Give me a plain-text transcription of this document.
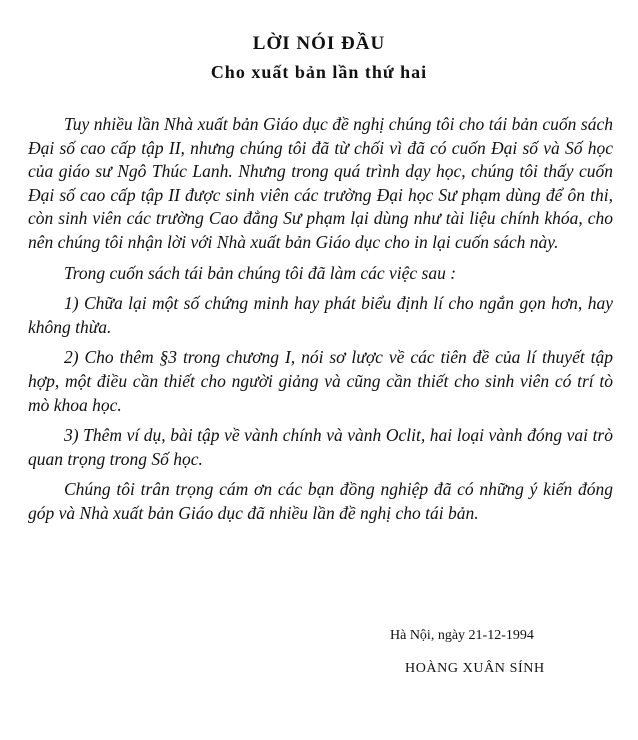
LỜI NÓI ĐẦU
Cho xuất bản lần thứ hai

Tuy nhiều lần Nhà xuất bản Giáo dục đề nghị chúng tôi cho tái bản cuốn sách Đại số cao cấp tập II, nhưng chúng tôi đã từ chối vì đã có cuốn Đại số và Số học của giáo sư Ngô Thúc Lanh. Nhưng trong quá trình dạy học, chúng tôi thấy cuốn Đại số cao cấp tập II được sinh viên các trường Đại học Sư phạm dùng để ôn thi, còn sinh viên các trường Cao đẳng Sư phạm lại dùng như tài liệu chính khóa, cho nên chúng tôi nhận lời với Nhà xuất bản Giáo dục cho in lại cuốn sách này.

Trong cuốn sách tái bản chúng tôi đã làm các việc sau :

1) Chữa lại một số chứng minh hay phát biểu định lí cho ngắn gọn hơn, hay không thừa.

2) Cho thêm §3 trong chương I, nói sơ lược về các tiên đề của lí thuyết tập hợp, một điều cần thiết cho người giảng và cũng cần thiết cho sinh viên có trí tò mò khoa học.

3) Thêm ví dụ, bài tập về vành chính và vành Oclit, hai loại vành đóng vai trò quan trọng trong Số học.

Chúng tôi trân trọng cám ơn các bạn đồng nghiệp đã có những ý kiến đóng góp và Nhà xuất bản Giáo dục đã nhiều lần đề nghị cho tái bản.

Hà Nội, ngày 21-12-1994
HOÀNG XUÂN SÍNH
